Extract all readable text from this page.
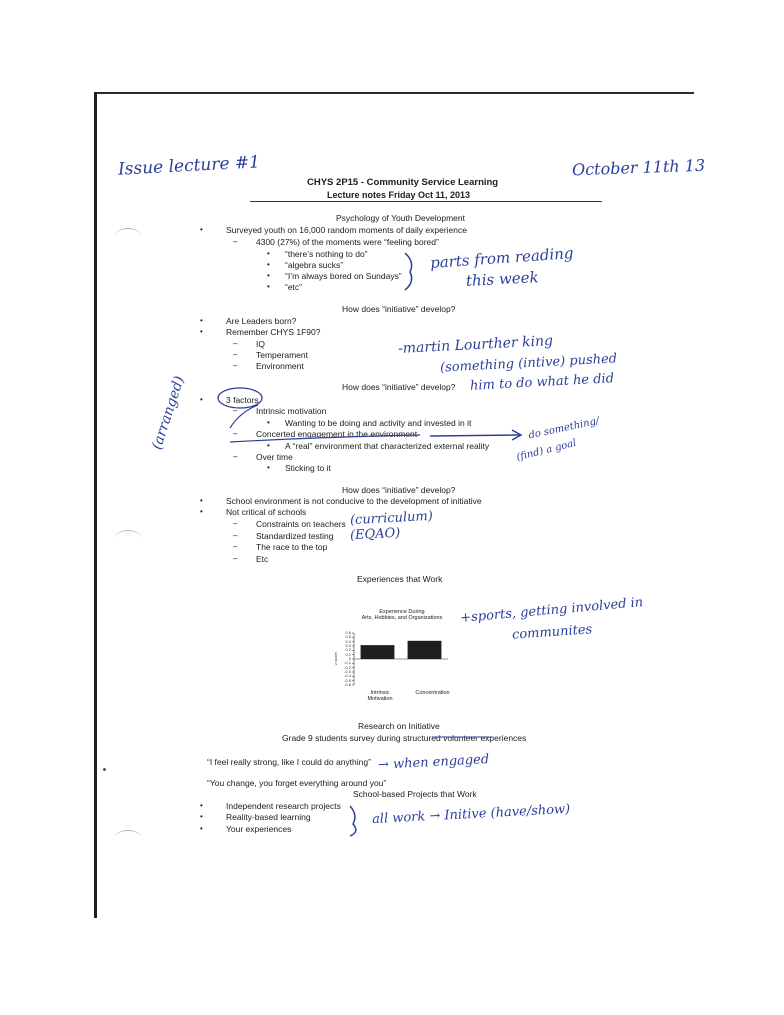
CHYS 2P15 - Community Service Learning
Lecture notes Friday Oct 11, 2013
Psychology of Youth Development
•	Surveyed youth on 16,000 random moments of daily experience
– 4300 (27%) of the moments were “feeling bored”
• “there’s nothing to do”
• “algebra sucks”
• “I’m always bored on Sundays”
• “etc”
How does “initiative” develop?
•	Are Leaders born?
•	Remember CHYS 1F90?
– IQ
– Temperament
– Environment
How does “initiative” develop?
•	3 factors
– Intrinsic motivation
• Wanting to be doing and activity and invested in it
– Concerted engagement in the environment
• A “real” environment that characterized external reality
– Over time
• Sticking to it
How does “initiative” develop?
•	School environment is not conducive to the development of initiative
•	Not critical of schools
– Constraints on teachers
– Standardized testing
– The race to the top
– Etc
Experiences that Work
Research on Initiative
Grade 9 students survey during structured volunteer experiences
“I feel really strong, like I could do anything”
“You change, you forget everything around you”
School-based Projects that Work
•	Independent research projects
•	Reality-based learning
•	Your experiences
Experience During
Arts, Hobbies, and Organizations
z score
0.6
0.5
0.4
0.3
0.2
0.1
0
-0.1
-0.2
-0.3
-0.4
-0.5
-0.6
Intrinsic Motivation
Concentration
Issue lecture #1	October 11th 13
parts from reading
this week
-martin Lourther king
(something (intive) pushed
him to do what he did
(arranged)	do something/
(find) a goal
(curriculum)
(EQAO)
+sports, getting involved in
communites
→ when engaged
all work → Initive (have/show)
